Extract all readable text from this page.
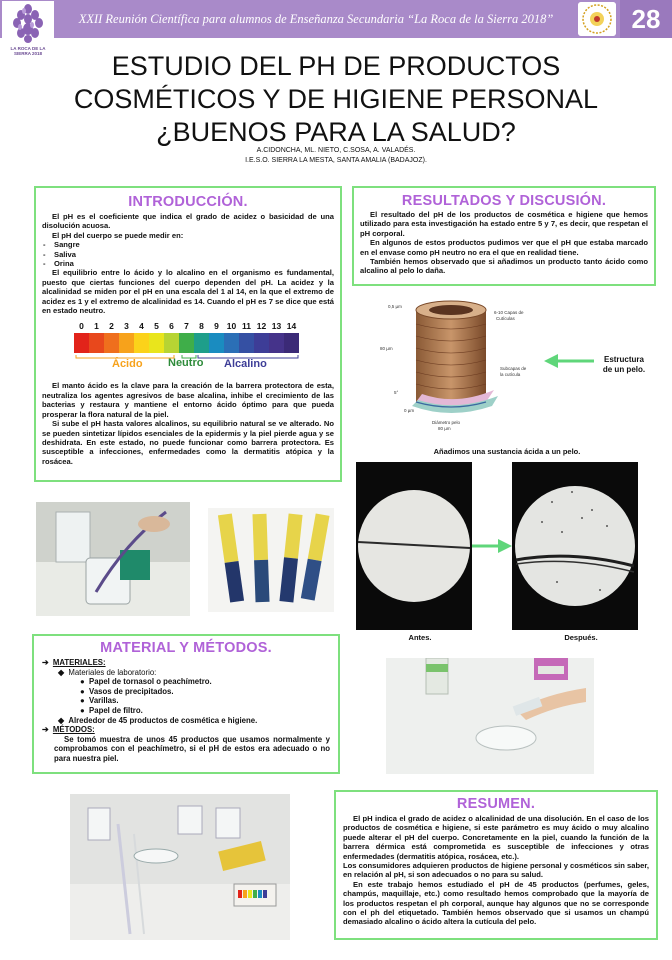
XXII Reunión Científica para alumnos de Enseñanza Secundaria “La Roca de la Sierra 2018”	28
LA ROCA DE LA SIERRA 2018	ESTUDIO DEL PH DE PRODUCTOS
COSMÉTICOS Y DE HIGIENE PERSONAL
¿BUENOS PARA LA SALUD?
A.CIDONCHA, ML. NIETO, C.SOSA, A. VALADÉS.
I.E.S.O. SIERRA LA MESTA, SANTA AMALIA (BADAJOZ).
INTRODUCCIÓN.

El pH es el coeficiente que indica el grado de acidez o basicidad de una disolución acuosa.

El pH del cuerpo se puede medir en:

- Sangre
- Saliva
- Orina

El equilibrio entre lo ácido y lo alcalino en el organismo es fundamental, puesto que ciertas funciones del cuerpo dependen del pH. La acidez y la alcalinidad se miden por el pH en una escala del 1 al 14, en la que el extremo de acidez es 1 y el extremo de alcalinidad es 14. Cuando el pH es 7 se dice que está en estado neutro.

0	1	2	3	4	5	6	7	8	9 10 11 12 13 14
Ácido Neutro Alcalino

El manto ácido es la clave para la creación de la barrera protectora de esta, neutraliza los agentes agresivos de base alcalina, inhibe el crecimiento de las bacterias y restaura y mantiene el entorno ácido óptimo para que pueda prosperar la flora natural de la piel.

Si sube el pH hasta valores alcalinos, su equilibrio natural se ve alterado. No se pueden sintetizar lípidos esenciales de la epidermis y la piel pierde agua y se deshidrata. En este estado, no puede funcionar como barrera protectora. Es susceptible a infecciones, enfermedades como la dermatitis atópica y la rosácea.

RESULTADOS Y DISCUSIÓN.

El resultado del pH de los productos de cosmética e higiene que hemos utilizado para esta investigación ha estado entre 5 y 7, es decir, que respetan el pH corporal.

En algunos de estos productos pudimos ver que el pH que estaba marcado en el envase como pH neutro no era el que en realidad tiene.

También hemos observado que si añadimos un producto tanto ácido como alcalino al pelo lo daña.

0,5 µm
80 µm
6-10 Capas de
Cutículas
Subcapas de
la cutícula
Diámetro pelo
80 µm
5°
0 µm
Estructura
de un pelo.
Añadimos una sustancia ácida a un pelo.
Antes.	Después.
MATERIAL Y MÉTODOS.
➔  MATERIALES:
◆  Materiales de laboratorio:
●  Papel de tornasol o peachímetro.
●  Vasos de precipitados.
●  Varillas.
●  Papel de filtro.
◆  Alrededor de 45 productos de cosmética e higiene.
➔  MÉTODOS:
Se tomó muestra de unos 45 productos que usamos normalmente y comprobamos con el peachímetro, si el pH de estos era adecuado o no para nuestra piel.
RESUMEN.

El pH indica el grado de acidez o alcalinidad de una disolución. En el caso de los productos de cosmética e higiene, si este parámetro es muy ácido o muy alcalino puede alterar el pH del cuerpo. Concretamente en la piel, cuando la función de la barrera dérmica está comprometida es susceptible de infecciones y otras enfermedades (dermatitis atópica, rosácea, etc.).

Los consumidores adquieren productos de higiene personal y cosméticos sin saber, en relación al pH, si son adecuados o no para su salud.

En este trabajo hemos estudiado el pH de 45 productos (perfumes, geles, champús, maquillaje, etc.) como resultado hemos comprobado que la mayoría de los productos respetan el ph corporal, aunque hay algunos que no se corresponde con el ph del etiquetado. También hemos observado que si usamos un champú demasiado alcalino o ácido altera la cutícula del pelo.
